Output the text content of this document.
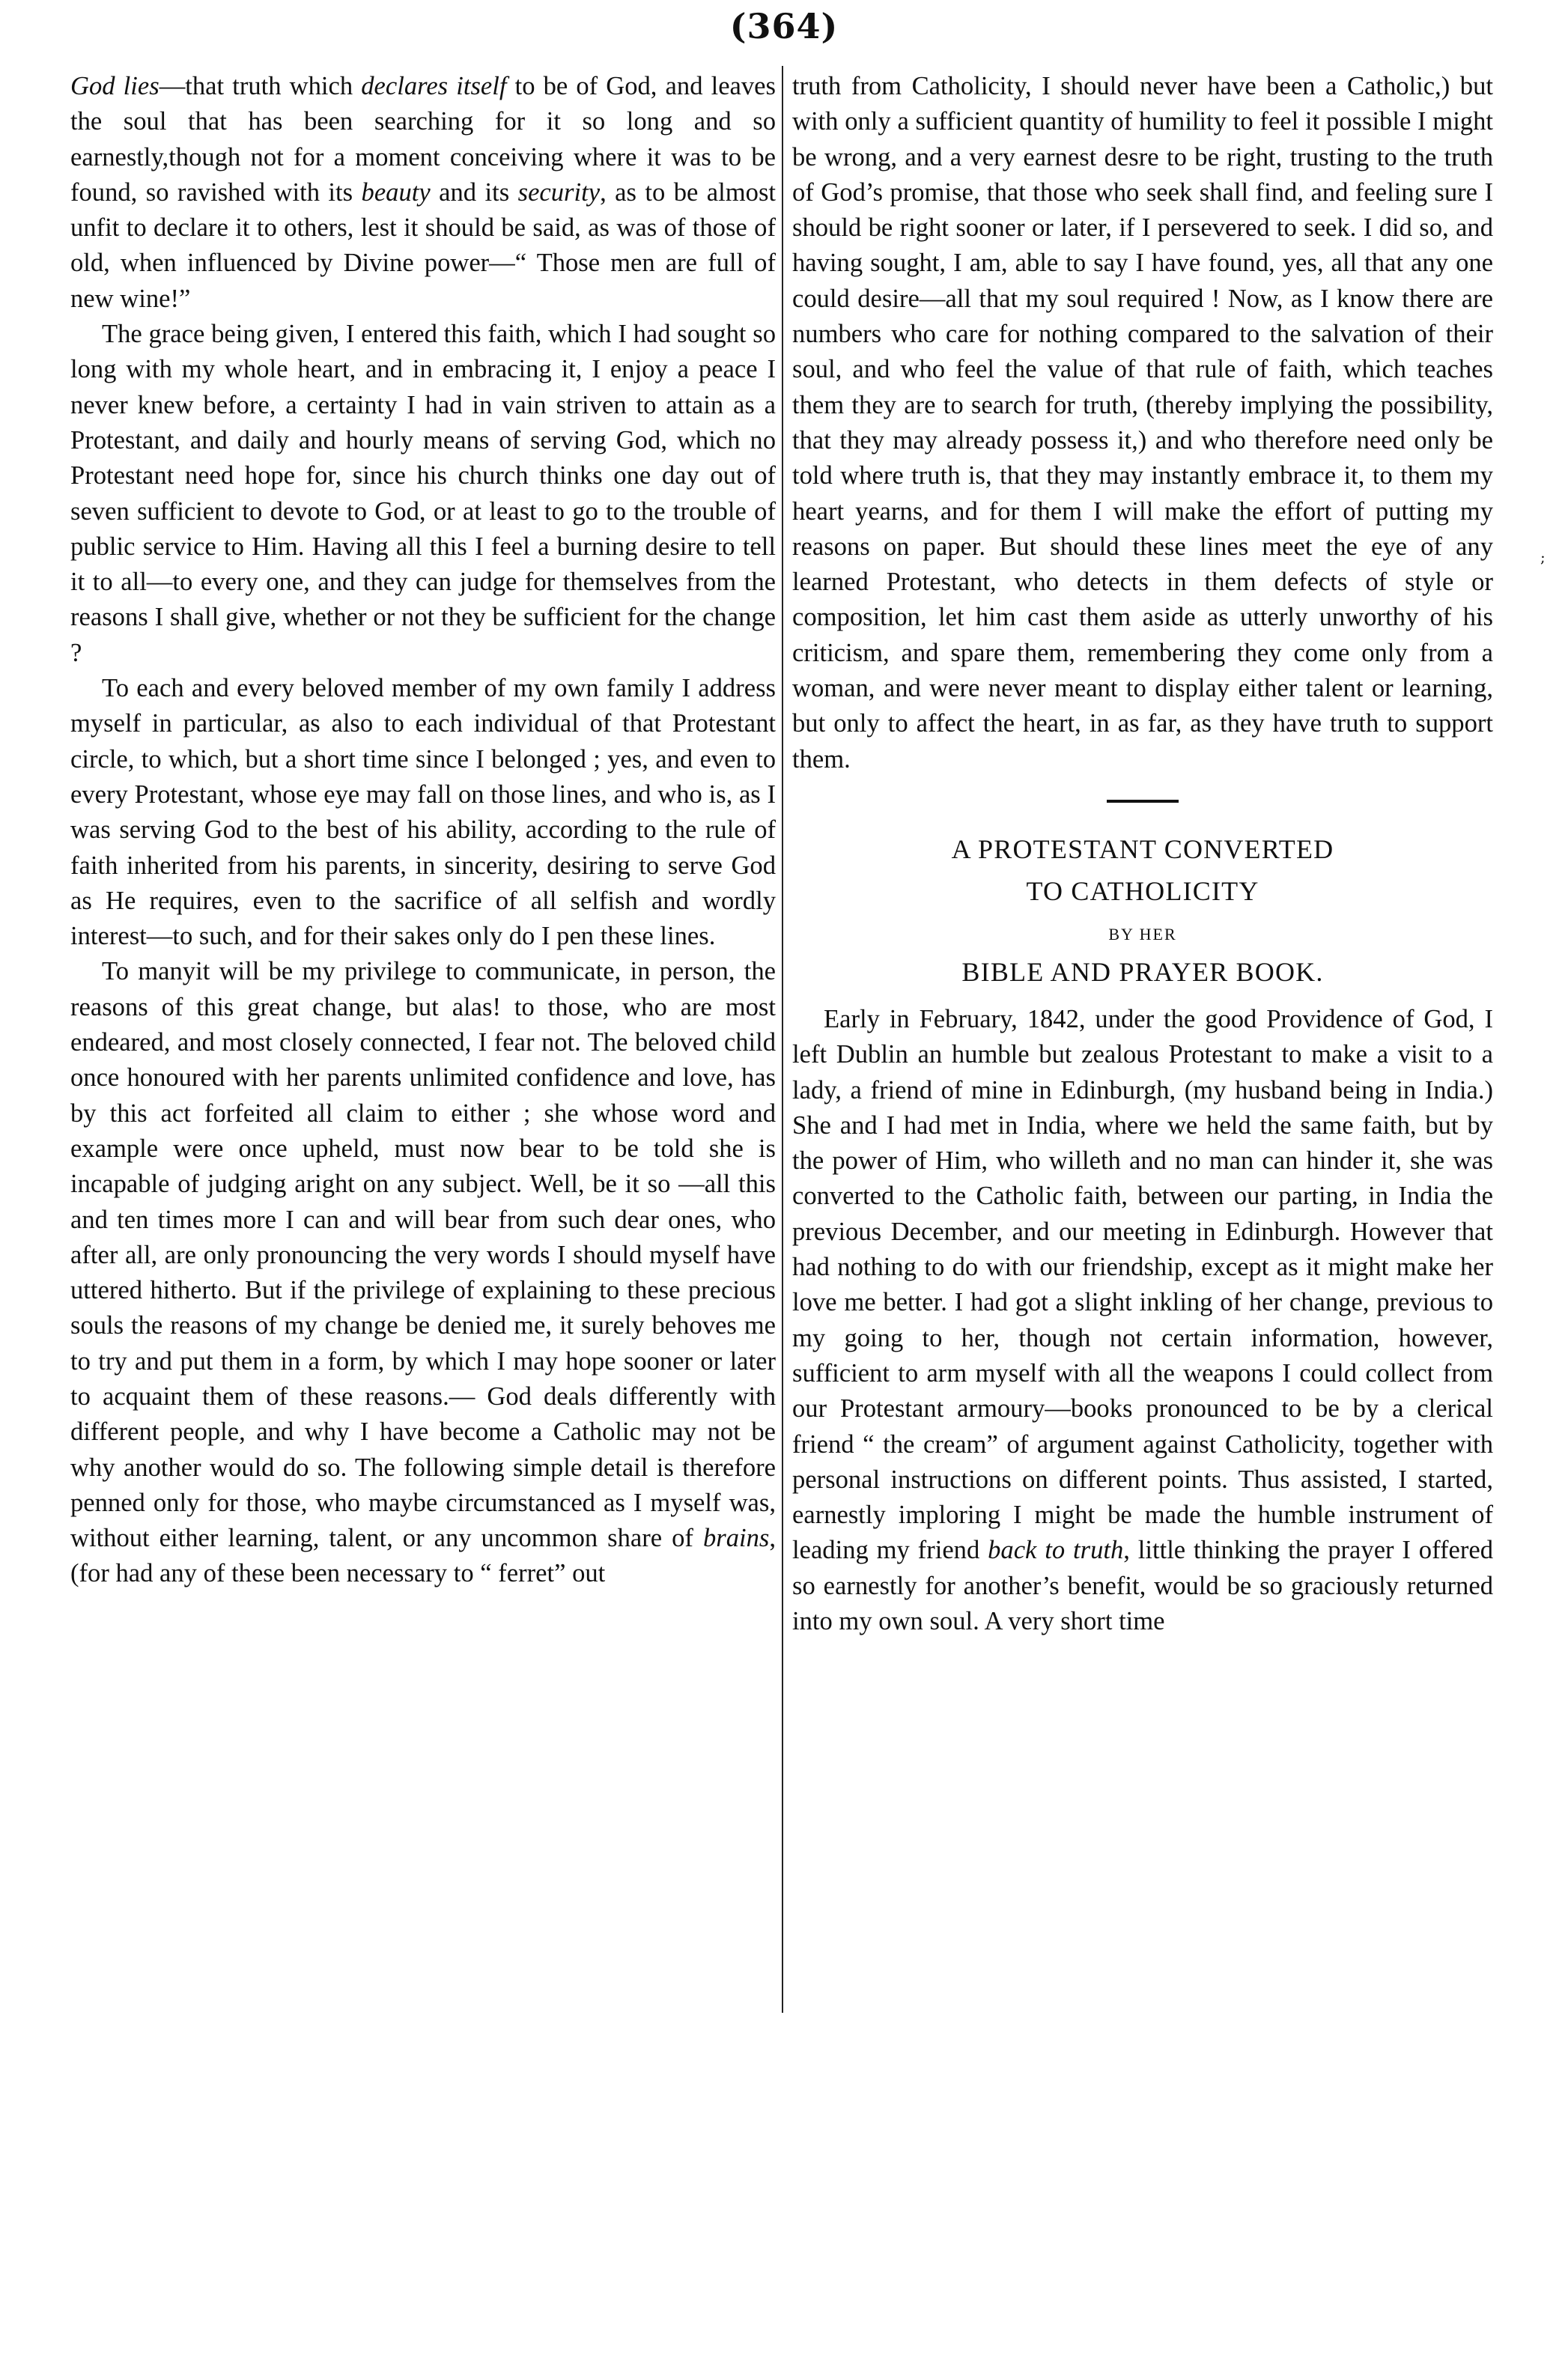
(364)

God lies—that truth which declares itself to be of God, and leaves the soul that has been searching for it so long and so earnestly,though not for a moment conceiving where it was to be found, so ravished with its beauty and its security, as to be almost unfit to declare it to others, lest it should be said, as was of those of old, when influenced by Divine power—“ Those men are full of new wine!”

The grace being given, I entered this faith, which I had sought so long with my whole heart, and in embracing it, I enjoy a peace I never knew before, a certainty I had in vain striven to attain as a Protestant, and daily and hourly means of serving God, which no Protestant need hope for, since his church thinks one day out of seven sufficient to devote to God, or at least to go to the trouble of public service to Him. Having all this I feel a burning desire to tell it to all—to every one, and they can judge for themselves from the reasons I shall give, whether or not they be sufficient for the change ?

To each and every beloved member of my own family I address myself in particular, as also to each individual of that Protestant circle, to which, but a short time since I belonged ; yes, and even to every Protestant, whose eye may fall on those lines, and who is, as I was serving God to the best of his ability, according to the rule of faith inherited from his parents, in sincerity, desiring to serve God as He requires, even to the sacrifice of all selfish and wordly interest—to such, and for their sakes only do I pen these lines.

To manyit will be my privilege to communicate, in person, the reasons of this great change, but alas! to those, who are most endeared, and most closely connected, I fear not. The beloved child once honoured with her parents unlimited confidence and love, has by this act forfeited all claim to either ; she whose word and example were once upheld, must now bear to be told she is incapable of judging aright on any subject. Well, be it so —all this and ten times more I can and will bear from such dear ones, who after all, are only pronouncing the very words I should myself have uttered hitherto. But if the privilege of explaining to these precious souls the reasons of my change be denied me, it surely behoves me to try and put them in a form, by which I may hope sooner or later to acquaint them of these reasons.— God deals differently with different people, and why I have become a Catholic may not be why another would do so. The following simple detail is therefore penned only for those, who maybe circumstanced as I myself was, without either learning, talent, or any uncommon share of brains, (for had any of these been necessary to “ ferret” out

truth from Catholicity, I should never have been a Catholic,) but with only a sufficient quantity of humility to feel it possible I might be wrong, and a very earnest desre to be right, trusting to the truth of God’s promise, that those who seek shall find, and feeling sure I should be right sooner or later, if I persevered to seek. I did so, and having sought, I am, able to say I have found, yes, all that any one could desire—all that my soul required ! Now, as I know there are numbers who care for nothing compared to the salvation of their soul, and who feel the value of that rule of faith, which teaches them they are to search for truth, (thereby implying the possibility, that they may already possess it,) and who therefore need only be told where truth is, that they may instantly embrace it, to them my heart yearns, and for them I will make the effort of putting my reasons on paper. But should these lines meet the eye of any learned Protestant, who detects in them defects of style or composition, let him cast them aside as utterly unworthy of his criticism, and spare them, remembering they come only from a woman, and were never meant to display either talent or learning, but only to affect the heart, in as far, as they have truth to support them.

A PROTESTANT CONVERTED
TO CATHOLICITY
BY HER
BIBLE AND PRAYER BOOK.

Early in February, 1842, under the good Providence of God, I left Dublin an humble but zealous Protestant to make a visit to a lady, a friend of mine in Edinburgh, (my husband being in India.) She and I had met in India, where we held the same faith, but by the power of Him, who willeth and no man can hinder it, she was converted to the Catholic faith, between our parting, in India the previous December, and our meeting in Edinburgh. However that had nothing to do with our friendship, except as it might make her love me better. I had got a slight inkling of her change, previous to my going to her, though not certain information, however, sufficient to arm myself with all the weapons I could collect from our Protestant armoury—books pronounced to be by a clerical friend “ the cream” of argument against Catholicity, together with personal instructions on different points. Thus assisted, I started, earnestly imploring I might be made the humble instrument of leading my friend back to truth, little thinking the prayer I offered so earnestly for another’s benefit, would be so graciously returned into my own soul. A very short time

;
